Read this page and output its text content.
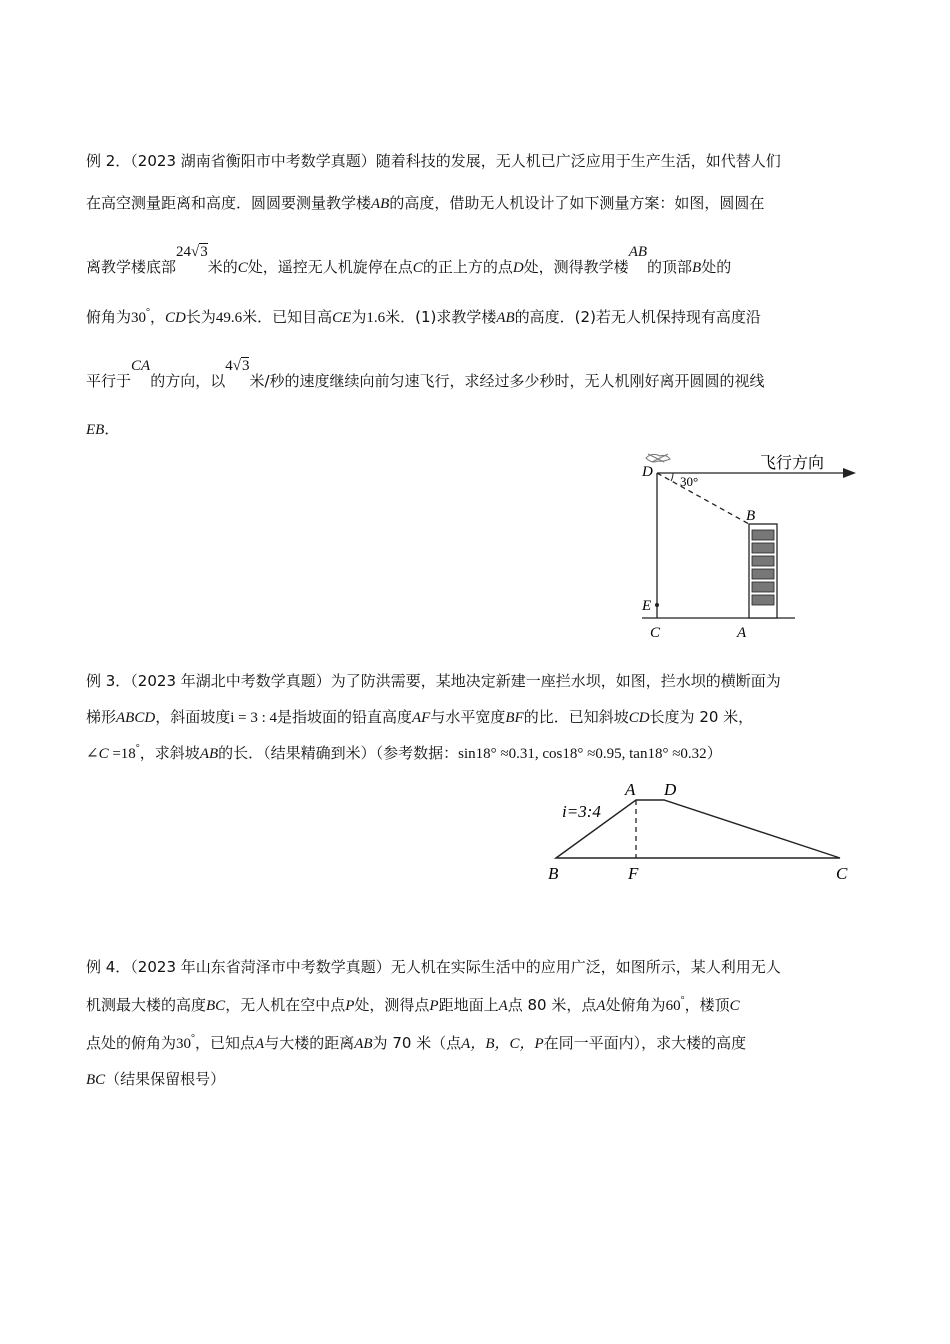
例 2．（2023 湖南省衡阳市中考数学真题）随着科技的发展，无人机已广泛应用于生产生活，如代替人们
在高空测量距离和高度．圆圆要测量教学楼AB的高度，借助无人机设计了如下测量方案：如图，圆圆在
离教学楼底部24√3米的C处，遥控无人机旋停在点C的正上方的点D处，测得教学楼AB的顶部B处的
俯角为30°，CD长为49.6米．已知目高CE为1.6米．(1)求教学楼AB的高度．(2)若无人机保持现有高度沿
平行于CA的方向，以4√3米/秒的速度继续向前匀速飞行，求经过多少秒时，无人机刚好离开圆圆的视线
EB．
D
30°
飞行方向
B
E
C	A
例 3．（2023 年湖北中考数学真题）为了防洪需要，某地决定新建一座拦水坝，如图，拦水坝的横断面为
梯形ABCD，斜面坡度i = 3 : 4是指坡面的铅直高度AF与水平宽度BF的比．已知斜坡CD长度为 20 米，
∠C =18°，求斜坡AB的长．（结果精确到米）（参考数据：sin18° ≈0.31, cos18° ≈0.95, tan18° ≈0.32）
i=3:4
A D
B	F	C
例 4．（2023 年山东省菏泽市中考数学真题）无人机在实际生活中的应用广泛，如图所示，某人利用无人
机测最大楼的高度BC，无人机在空中点P处，测得点P距地面上A点 80 米，点A处俯角为60°，楼顶C
点处的俯角为30°，已知点A与大楼的距离AB为 70 米（点A，B，C，P在同一平面内），求大楼的高度
BC（结果保留根号）
